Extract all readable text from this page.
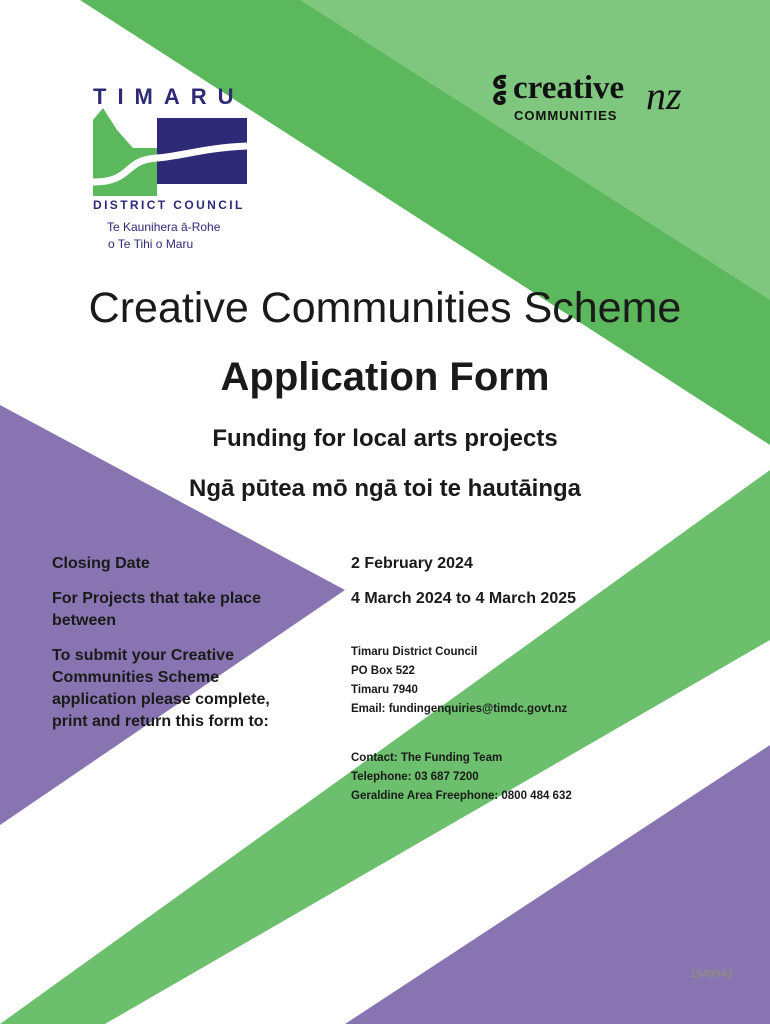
TIMARU
DISTRICT COUNCIL
Te Kaunihera ā-Rohe
o Te Tihi o Maru
creative nz
COMMUNITIES
Creative Communities Scheme
Application Form
Funding for local arts projects
Ngā pūtea mō ngā toi te hautāinga
Closing Date	2 February 2024
For Projects that take place between
4 March 2024 to 4 March 2025
To submit your Creative Communities Scheme application please complete, print and return this form to:
Timaru District Council
PO Box 522
Timaru 7940
Email: fundingenquiries@timdc.govt.nz
Contact: The Funding Team
Telephone: 03 687 7200
Geraldine Area Freephone: 0800 484 632
1549543
